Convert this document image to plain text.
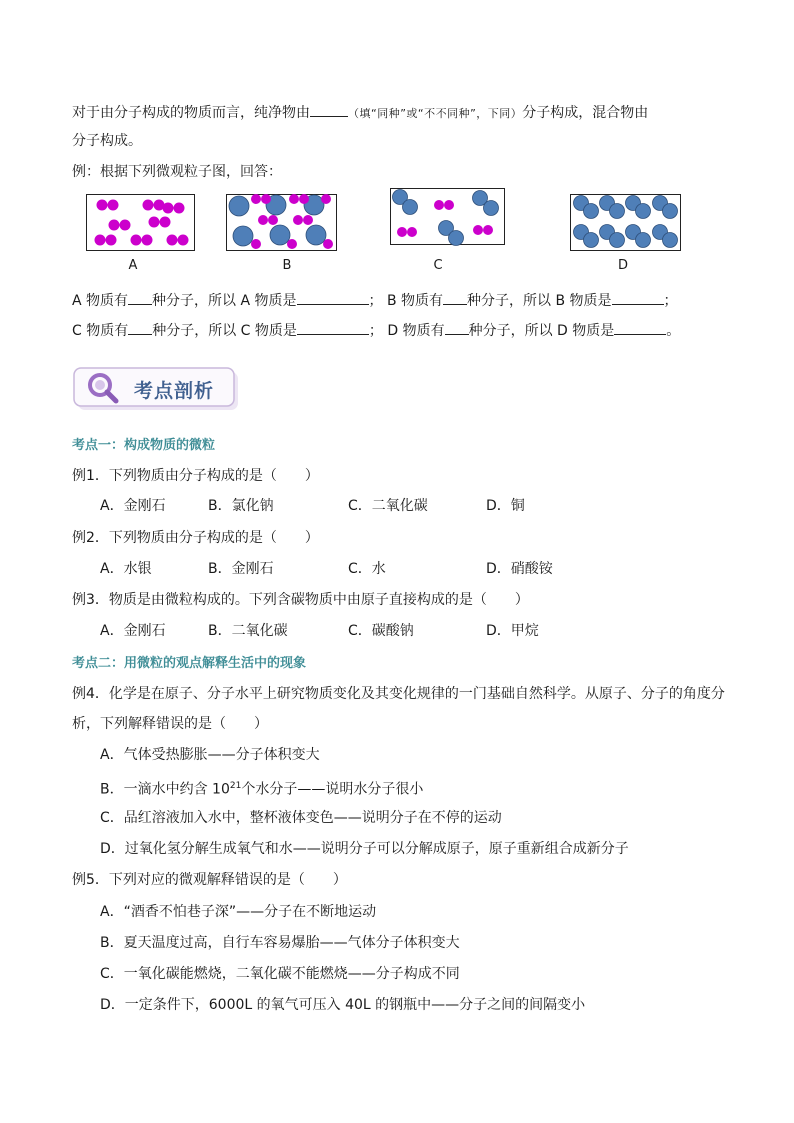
对于由分子构成的物质而言，纯净物由	（填“同种”或“不不同种”，下同）分子构成，混合物由
分子构成。
例：根据下列微观粒子图，回答：
A	B	C	D
A 物质有 种分子，所以 A 物质是	； B 物质有 种分子，所以 B 物质是	；
C 物质有 种分子，所以 C 物质是	； D 物质有 种分子，所以 D 物质是	。
考点剖析
考点一：构成物质的微粒
例1．下列物质由分子构成的是（　　）
A．金刚石	B．氯化钠	C．二氧化碳	D．铜
例2．下列物质由分子构成的是（　　）
A．水银	B．金刚石	C．水	D．硝酸铵
例3．物质是由微粒构成的。下列含碳物质中由原子直接构成的是（　　）
A．金刚石	B．二氧化碳	C．碳酸钠	D．甲烷
考点二：用微粒的观点解释生活中的现象
例4．化学是在原子、分子水平上研究物质变化及其变化规律的一门基础自然科学。从原子、分子的角度分
析，下列解释错误的是（　　）
A．气体受热膨胀——分子体积变大
B．一滴水中约含 $10^{21}$个水分子——说明水分子很小
C．品红溶液加入水中，整杯液体变色——说明分子在不停的运动
D．过氧化氢分解生成氧气和水——说明分子可以分解成原子，原子重新组合成新分子
例5．下列对应的微观解释错误的是（　　）
A．“酒香不怕巷子深”——分子在不断地运动
B．夏天温度过高，自行车容易爆胎——气体分子体积变大
C．一氧化碳能燃烧，二氧化碳不能燃烧——分子构成不同
D．一定条件下，6000L 的氧气可压入 40L 的钢瓶中——分子之间的间隔变小
